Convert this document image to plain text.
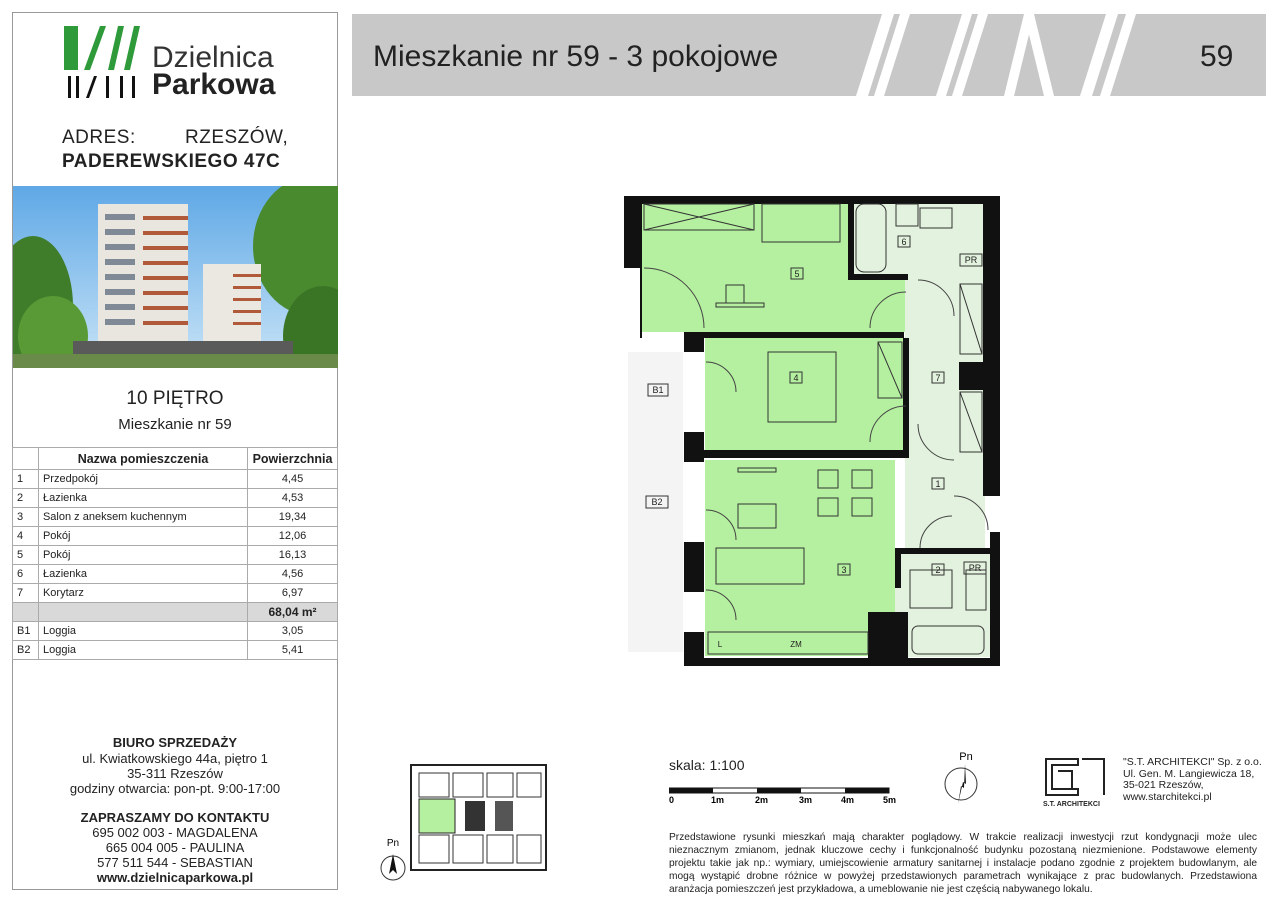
Dzielnica
Parkowa
ADRES:	RZESZÓW,
PADEREWSKIEGO 47C
10 PIĘTRO
Mieszkanie nr 59
	Nazwa pomieszczenia	Powierzchnia
1	Przedpokój	4,45
2	Łazienka	4,53
3	Salon z aneksem kuchennym	19,34
4	Pokój	12,06
5	Pokój	16,13
6	Łazienka	4,56
7	Korytarz	6,97
		68,04 m²
B1	Loggia	3,05
B2	Loggia	5,41
BIURO SPRZEDAŻY
ul. Kwiatkowskiego 44a, piętro 1
35-311 Rzeszów
godziny otwarcia: pon-pt. 9:00-17:00
ZAPRASZAMY DO KONTAKTU
695 002 003 - MAGDALENA
665 004 005 - PAULINA
577 511 544 - SEBASTIAN
www.dzielnicaparkowa.pl
Mieszkanie nr 59 - 3 pokojowe	59
5
6
PR
4	7
B1
1
B2
3	2	PR
L	ZM
Pn
skala: 1:100
0	1m	2m	3m	4m	5m
Pn
S.T. ARCHITEKCI
"S.T. ARCHITEKCI" Sp. z o.o.
Ul. Gen. M. Langiewicza 18,
35-021 Rzeszów,
www.starchitekci.pl
Przedstawione rysunki mieszkań mają charakter poglądowy. W trakcie realizacji inwestycji rzut kondygnacji może ulec nieznacznym zmianom, jednak kluczowe cechy i funkcjonalność budynku pozostaną niezmienione. Podstawowe elementy projektu takie jak np.: wymiary, umiejscowienie armatury sanitarnej i instalacje podano zgodnie z projektem budowlanym, ale mogą wystąpić drobne różnice w powyżej przedstawionych parametrach wynikające z prac budowlanych. Przedstawiona aranżacja pomieszczeń jest przykładowa, a umeblowanie nie jest częścią nabywanego lokalu.
